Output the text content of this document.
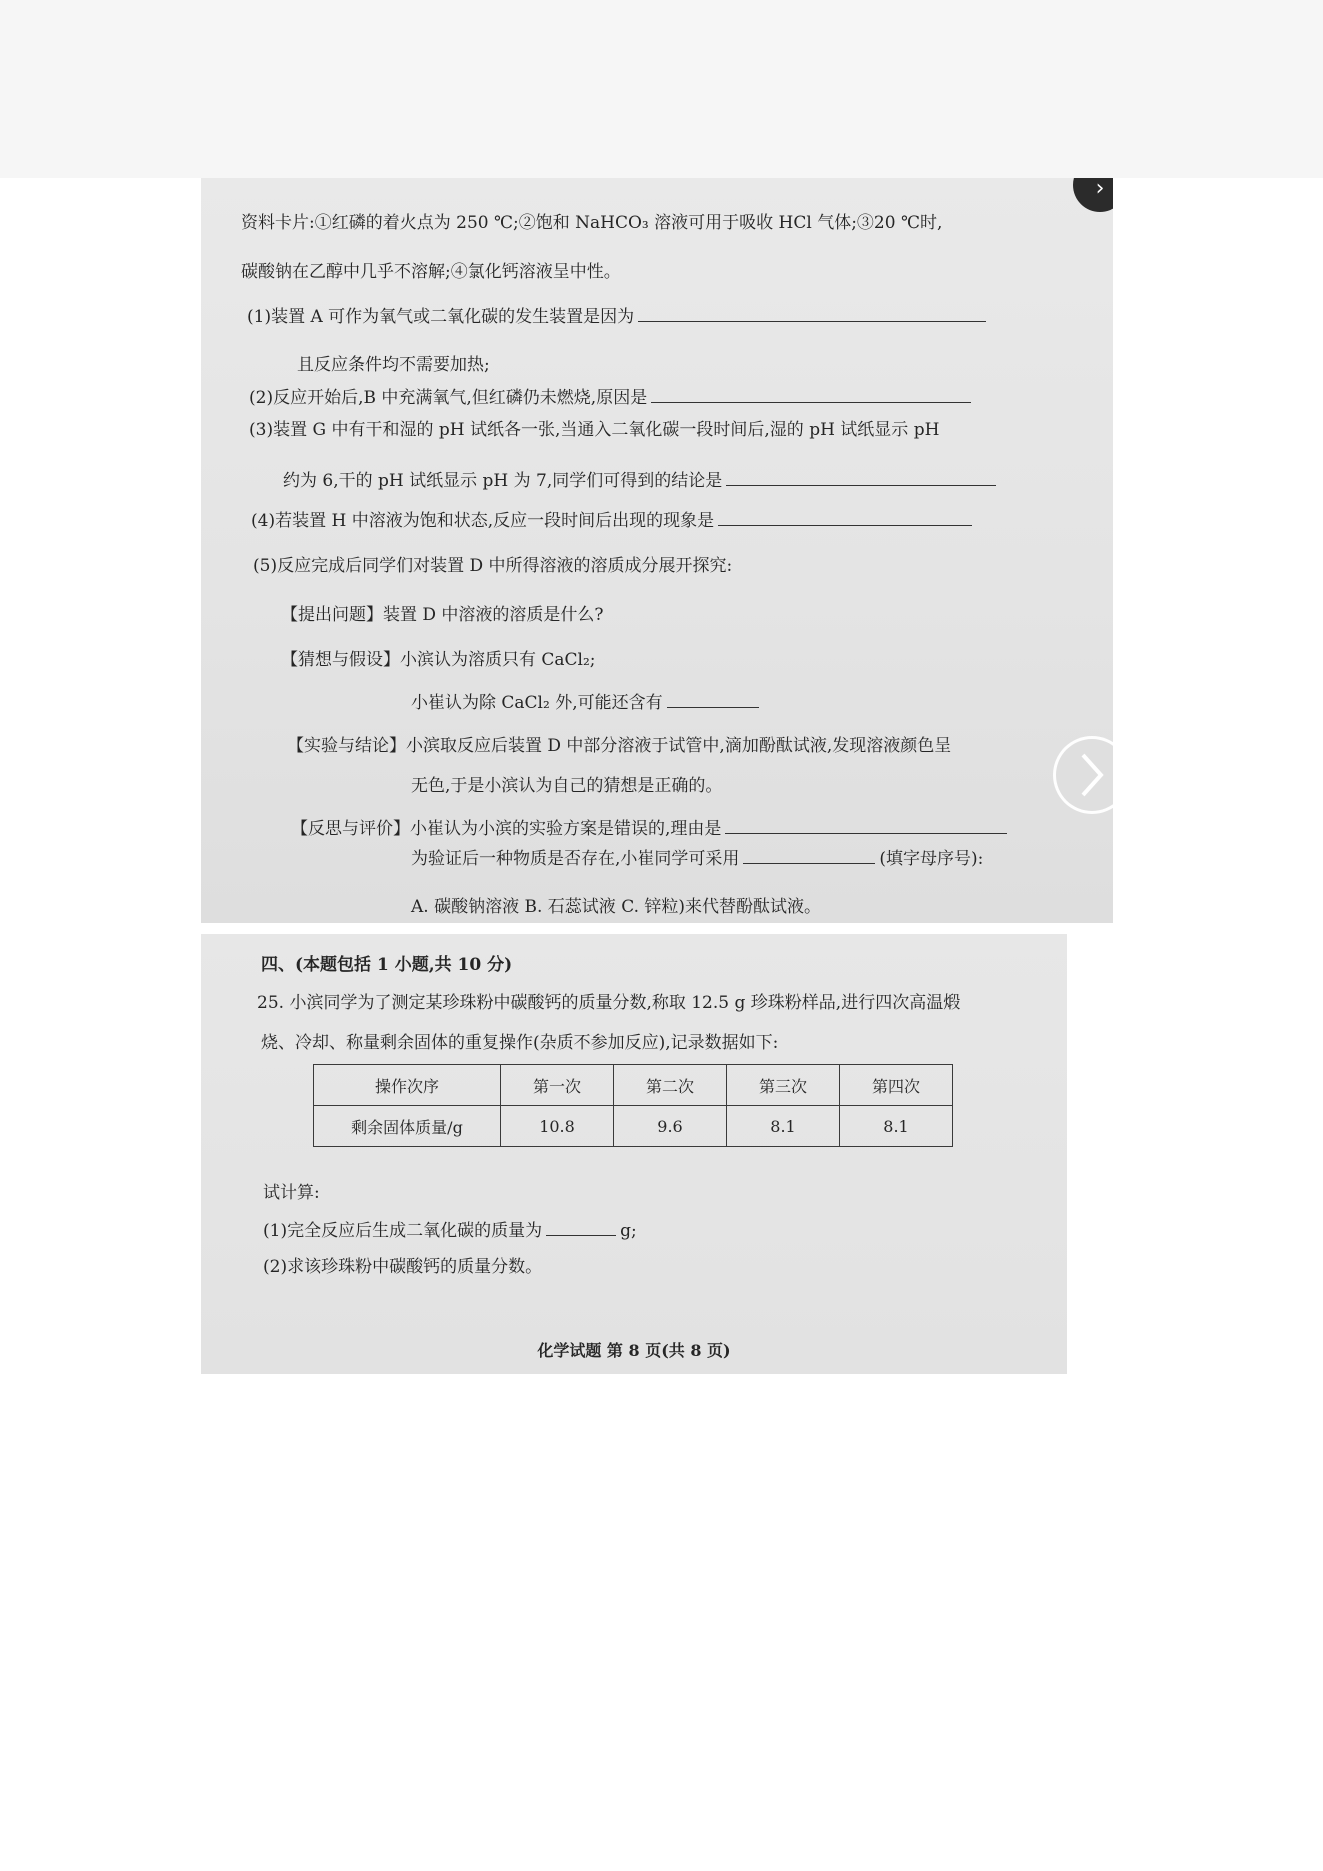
›
资料卡片:①红磷的着火点为 250 ℃;②饱和 NaHCO₃ 溶液可用于吸收 HCl 气体;③20 ℃时,
碳酸钠在乙醇中几乎不溶解;④氯化钙溶液呈中性。
(1)装置 A 可作为氧气或二氧化碳的发生装置是因为
且反应条件均不需要加热;
(2)反应开始后,B 中充满氧气,但红磷仍未燃烧,原因是
(3)装置 G 中有干和湿的 pH 试纸各一张,当通入二氧化碳一段时间后,湿的 pH 试纸显示 pH
约为 6,干的 pH 试纸显示 pH 为 7,同学们可得到的结论是
(4)若装置 H 中溶液为饱和状态,反应一段时间后出现的现象是
(5)反应完成后同学们对装置 D 中所得溶液的溶质成分展开探究:
【提出问题】装置 D 中溶液的溶质是什么?
【猜想与假设】小滨认为溶质只有 CaCl₂;
小崔认为除 CaCl₂ 外,可能还含有
【实验与结论】小滨取反应后装置 D 中部分溶液于试管中,滴加酚酞试液,发现溶液颜色呈
无色,于是小滨认为自己的猜想是正确的。
【反思与评价】小崔认为小滨的实验方案是错误的,理由是
为验证后一种物质是否存在,小崔同学可采用	(填字母序号):
A. 碳酸钠溶液 B. 石蕊试液 C. 锌粒)来代替酚酞试液。
四、(本题包括 1 小题,共 10 分)
25. 小滨同学为了测定某珍珠粉中碳酸钙的质量分数,称取 12.5 g 珍珠粉样品,进行四次高温煅
烧、冷却、称量剩余固体的重复操作(杂质不参加反应),记录数据如下:
操作次序	第一次	第二次	第三次	第四次
剩余固体质量/g	10.8	9.6	8.1	8.1
试计算:
(1)完全反应后生成二氧化碳的质量为	g;
(2)求该珍珠粉中碳酸钙的质量分数。
化学试题 第 8 页(共 8 页)
